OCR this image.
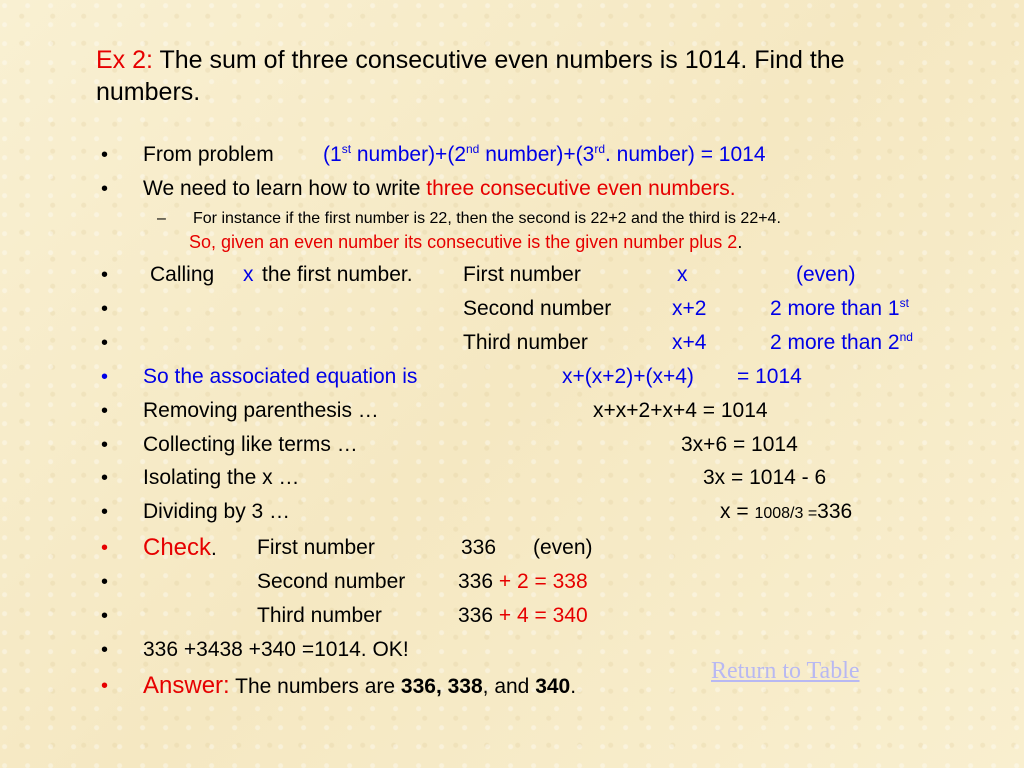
Ex 2: The sum of three consecutive even numbers is 1014. Find the numbers.
• From problem (1st number)+(2nd number)+(3rd. number) = 1014
• We need to learn how to write three consecutive even numbers.
– For instance if the first number is 22, then the second is 22+2 and the third is 22+4.
So, given an even number its consecutive is the given number plus 2.
• Calling x the first number. First number	x	(even)
•	Second number	x+2	2 more than 1st
•	Third number	x+4	2 more than 2nd
• So the associated equation is	x+(x+2)+(x+4) = 1014
• Removing parenthesis …	x+x+2+x+4 = 1014
• Collecting like terms …	3x+6 = 1014
• Isolating the x …	3x = 1014 - 6
• Dividing by 3 …	x = 1008/3 =336
• Check. First number	336 (even)
•	Second number	336 + 2 = 338
•	Third number	336 + 4 = 340
• 336 +3438 +340 =1014. OK!
• Answer: The numbers are 336, 338, and 340.
Return to Table
